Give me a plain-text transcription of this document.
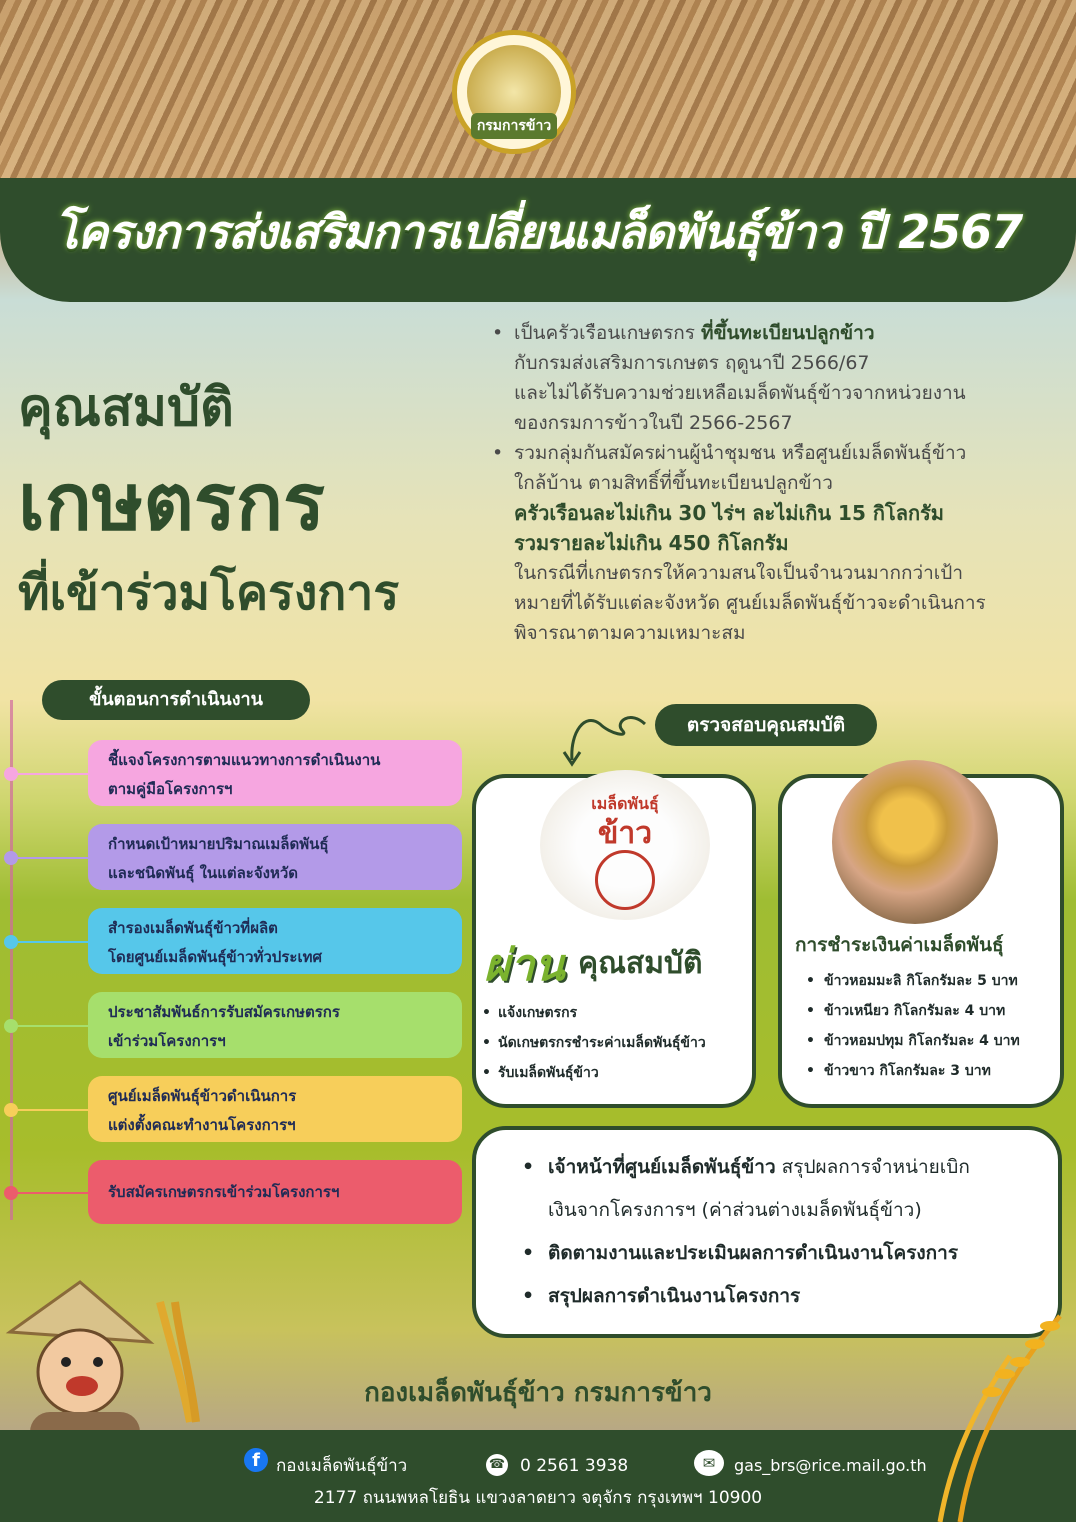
กรมการข้าว
โครงการส่งเสริมการเปลี่ยนเมล็ดพันธุ์ข้าว ปี 2567
คุณสมบัติ
เกษตรกร
ที่เข้าร่วมโครงการ

• เป็นครัวเรือนเกษตรกร ที่ขึ้นทะเบียนปลูกข้าว

กับกรมส่งเสริมการเกษตร ฤดูนาปี 2566/67

และไม่ได้รับความช่วยเหลือเมล็ดพันธุ์ข้าวจากหน่วยงาน

ของกรมการข้าวในปี 2566-2567

• รวมกลุ่มกันสมัครผ่านผู้นำชุมชน หรือศูนย์เมล็ดพันธุ์ข้าว

ใกล้บ้าน ตามสิทธิ์ที่ขึ้นทะเบียนปลูกข้าว

ครัวเรือนละไม่เกิน 30 ไร่ฯ ละไม่เกิน 15 กิโลกรัม

รวมรายละไม่เกิน 450 กิโลกรัม

ในกรณีที่เกษตรกรให้ความสนใจเป็นจำนวนมากกว่าเป้า

หมายที่ได้รับแต่ละจังหวัด ศูนย์เมล็ดพันธุ์ข้าวจะดำเนินการ

พิจารณาตามความเหมาะสม

ขั้นตอนการดำเนินงาน
ชี้แจงโครงการตามแนวทางการดำเนินงาน
ตามคู่มือโครงการฯ
กำหนดเป้าหมายปริมาณเมล็ดพันธุ์
และชนิดพันธุ์ ในแต่ละจังหวัด
สำรองเมล็ดพันธุ์ข้าวที่ผลิต
โดยศูนย์เมล็ดพันธุ์ข้าวทั่วประเทศ
ประชาสัมพันธ์การรับสมัครเกษตรกร
เข้าร่วมโครงการฯ
ศูนย์เมล็ดพันธุ์ข้าวดำเนินการ
แต่งตั้งคณะทำงานโครงการฯ
รับสมัครเกษตรกรเข้าร่วมโครงการฯ
ตรวจสอบคุณสมบัติ
เมล็ดพันธุ์
ข้าว
ผ่าน คุณสมบัติ
• แจ้งเกษตรกร
• นัดเกษตรกรชำระค่าเมล็ดพันธุ์ข้าว
• รับเมล็ดพันธุ์ข้าว
การชำระเงินค่าเมล็ดพันธุ์
• ข้าวหอมมะลิ กิโลกรัมละ 5 บาท
• ข้าวเหนียว กิโลกรัมละ 4 บาท
• ข้าวหอมปทุม กิโลกรัมละ 4 บาท
• ข้าวขาว กิโลกรัมละ 3 บาท
• เจ้าหน้าที่ศูนย์เมล็ดพันธุ์ข้าว สรุปผลการจำหน่ายเบิก
เงินจากโครงการฯ (ค่าส่วนต่างเมล็ดพันธุ์ข้าว)
• ติดตามงานและประเมินผลการดำเนินงานโครงการ
• สรุปผลการดำเนินงานโครงการ
กองเมล็ดพันธุ์ข้าว กรมการข้าว
f กองเมล็ดพันธุ์ข้าว	☎ 0 2561 3938	✉	gas_brs@rice.mail.go.th
2177 ถนนพหลโยธิน แขวงลาดยาว จตุจักร กรุงเทพฯ 10900
